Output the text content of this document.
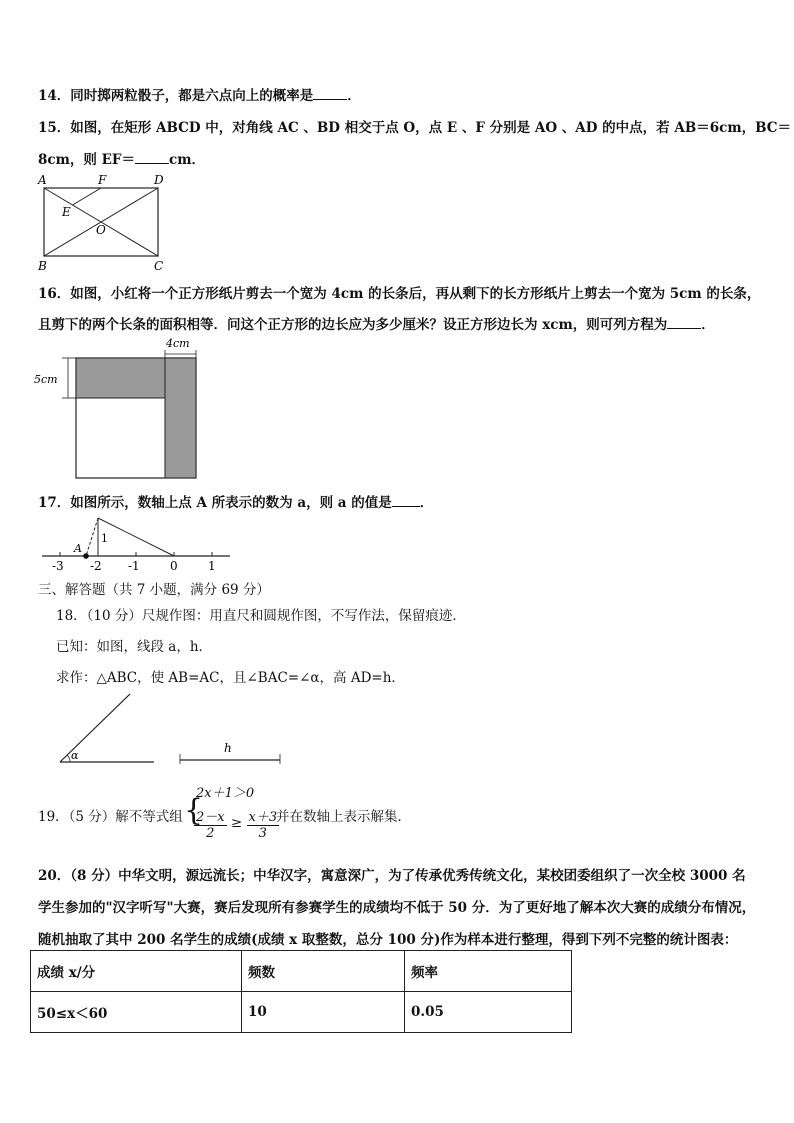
14．同时掷两粒骰子，都是六点向上的概率是	．
15．如图，在矩形 ABCD 中，对角线 AC 、BD 相交于点 O，点 E 、F 分别是 AO 、AD 的中点，若 AB＝6cm，BC＝
8cm，则 EF＝	cm．
A	F	D
E
O
B	C
16．如图，小红将一个正方形纸片剪去一个宽为 4cm 的长条后，再从剩下的长方形纸片上剪去一个宽为 5cm 的长条，
且剪下的两个长条的面积相等．问这个正方形的边长应为多少厘米？设正方形边长为 xcm，则可列方程为	．
4cm
5cm
17．如图所示，数轴上点 A 所表示的数为 a，则 a 的值是 ．
A
1
-3 -2 -1	0	1
三、解答题（共 7 小题，满分 69 分）
18．（10 分）尺规作图：用直尺和圆规作图，不写作法，保留痕迹．
已知：如图，线段 a，h．
求作：△ABC，使 AB=AC，且∠BAC=∠α，高 AD=h．
α
h
19．（5 分）解不等式组 {
2x＋1＞0
$\frac{2-x}{2} \ge \frac{x+3}{3}$
并在数轴上表示解集．
20．（8 分）中华文明，源远流长；中华汉字，寓意深广，为了传承优秀传统文化，某校团委组织了一次全校 3000 名
学生参加的"汉字听写"大赛，赛后发现所有参赛学生的成绩均不低于 50 分．为了更好地了解本次大赛的成绩分布情况，
随机抽取了其中 200 名学生的成绩(成绩 x 取整数，总分 100 分)作为样本进行整理，得到下列不完整的统计图表：
成绩 x/分	频数	频率
50≤x＜60	10	0.05
